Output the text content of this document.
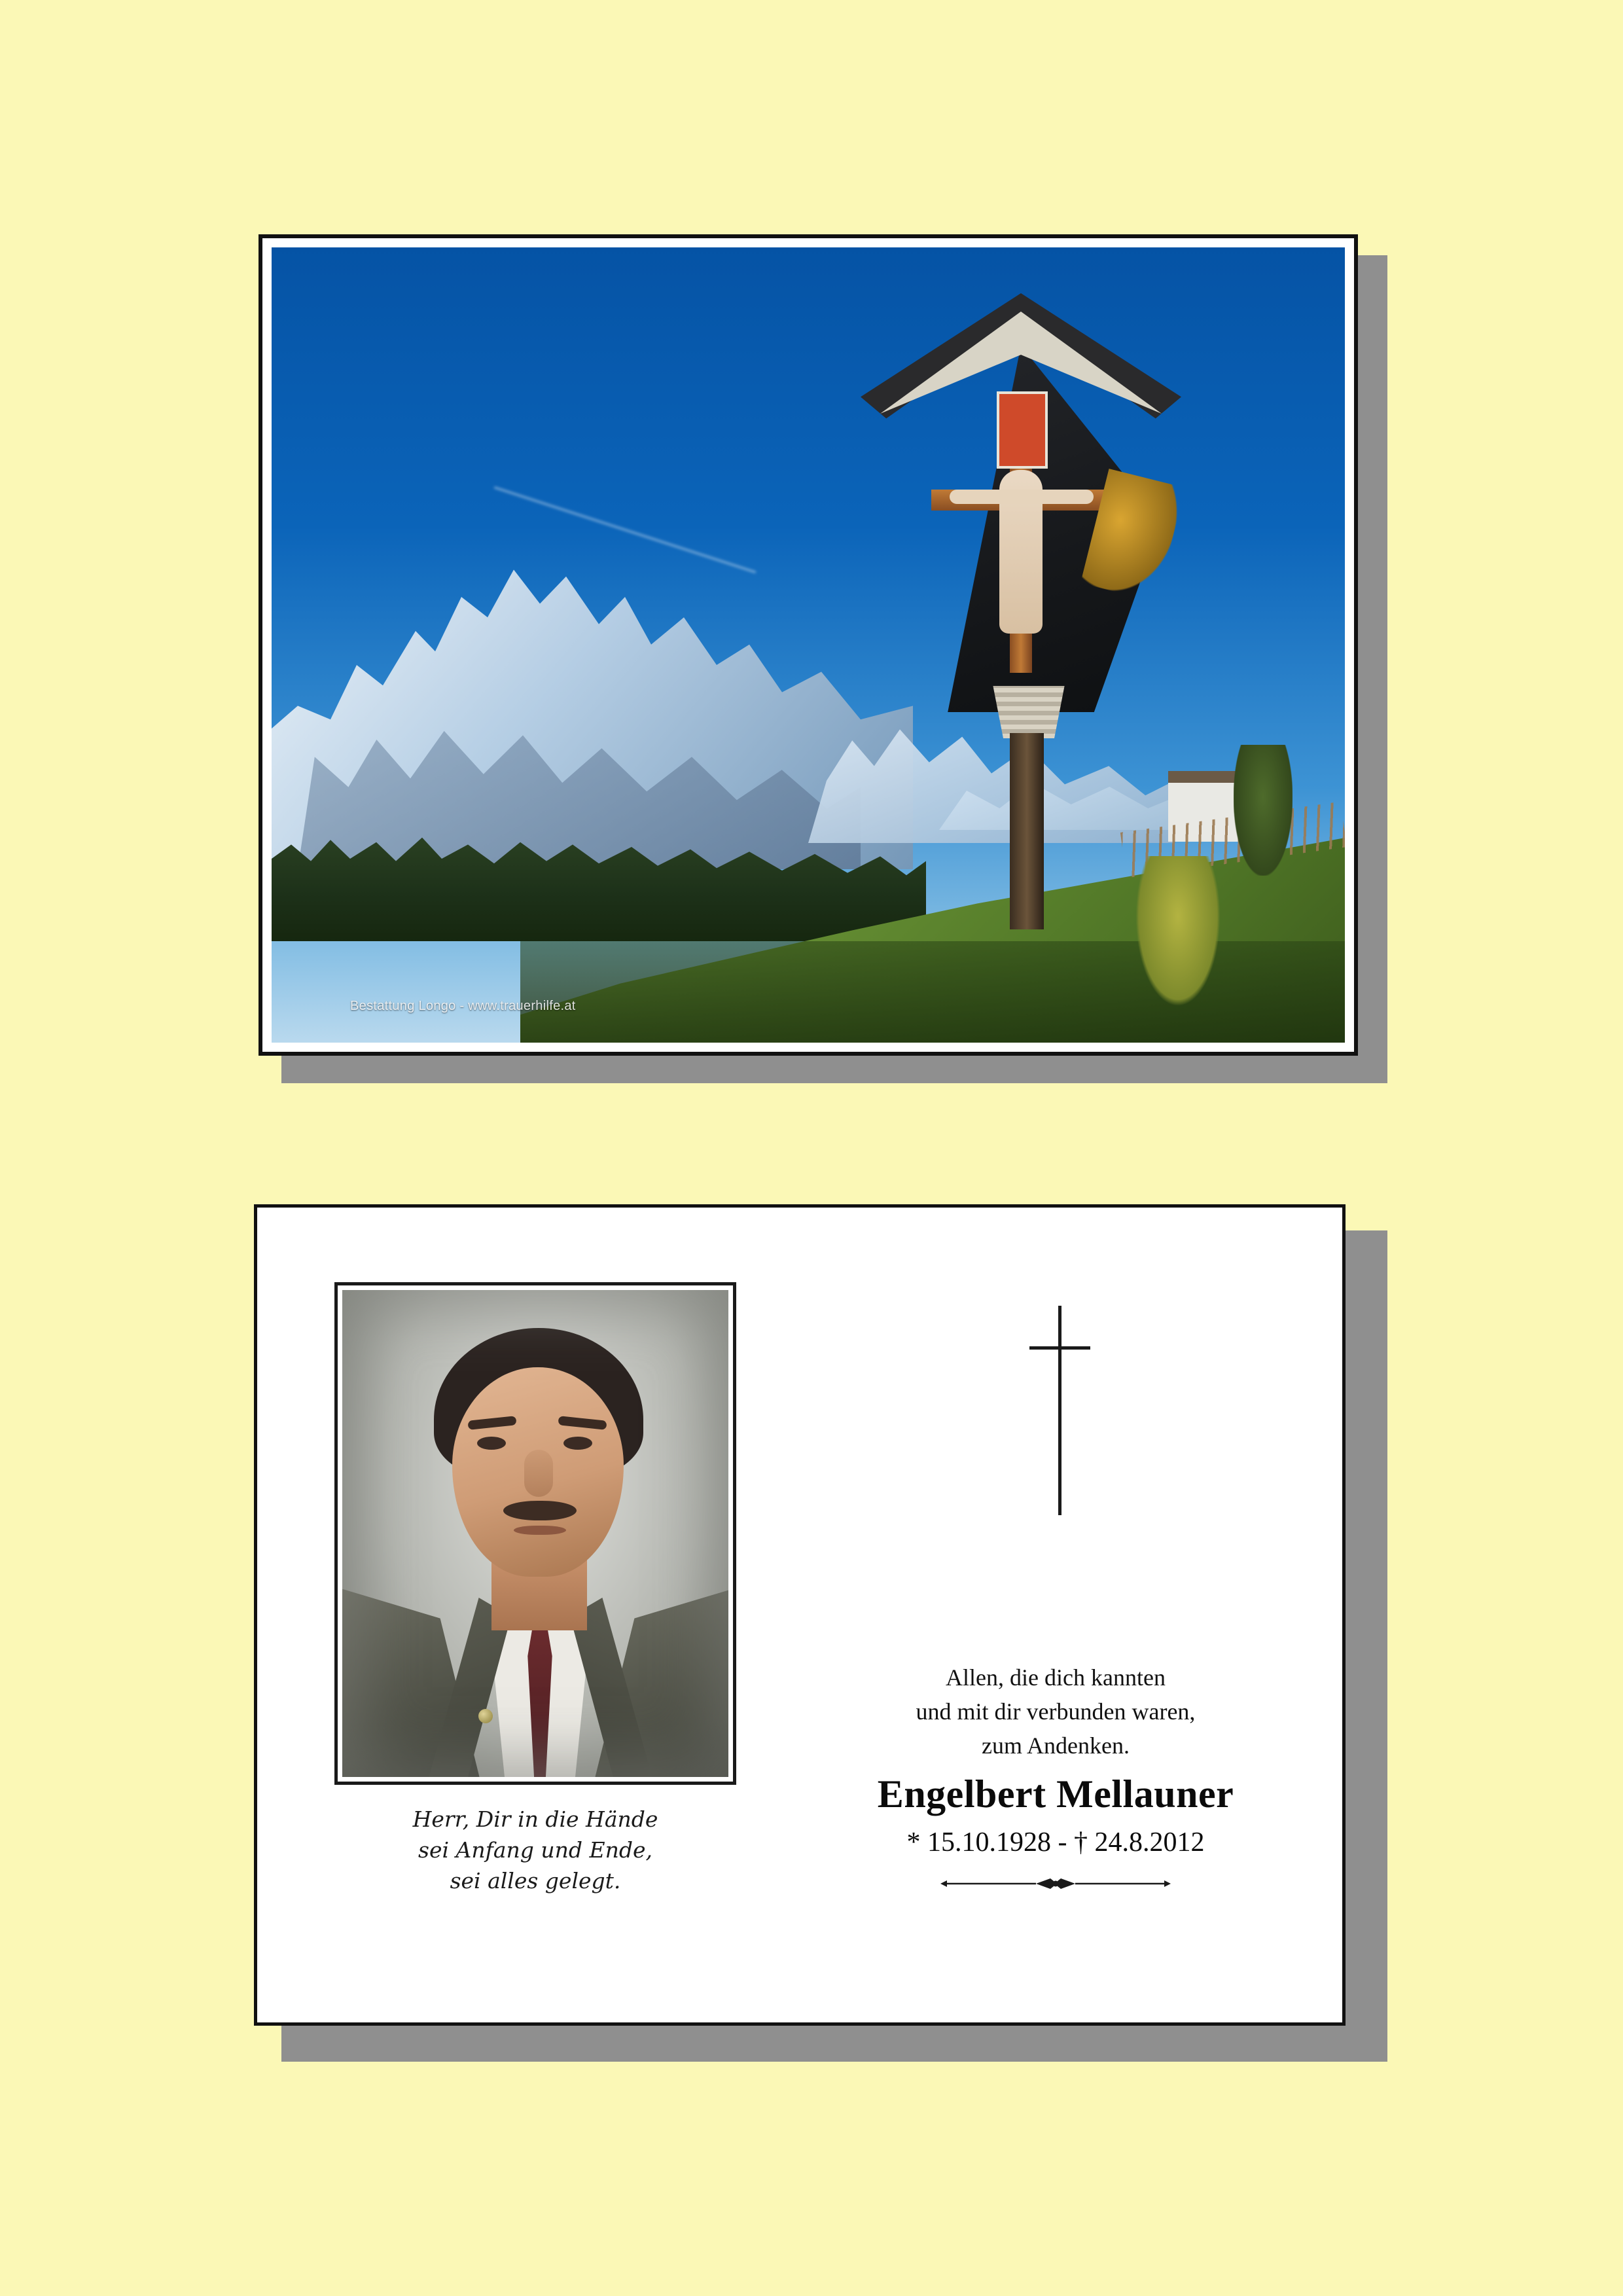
Bestattung Longo - www.trauerhilfe.at
Herr, Dir in die Hände
sei Anfang und Ende,
sei alles gelegt.
Allen, die dich kannten
und mit dir verbunden waren,
zum Andenken.
Engelbert Mellauner
* 15.10.1928 - † 24.8.2012
